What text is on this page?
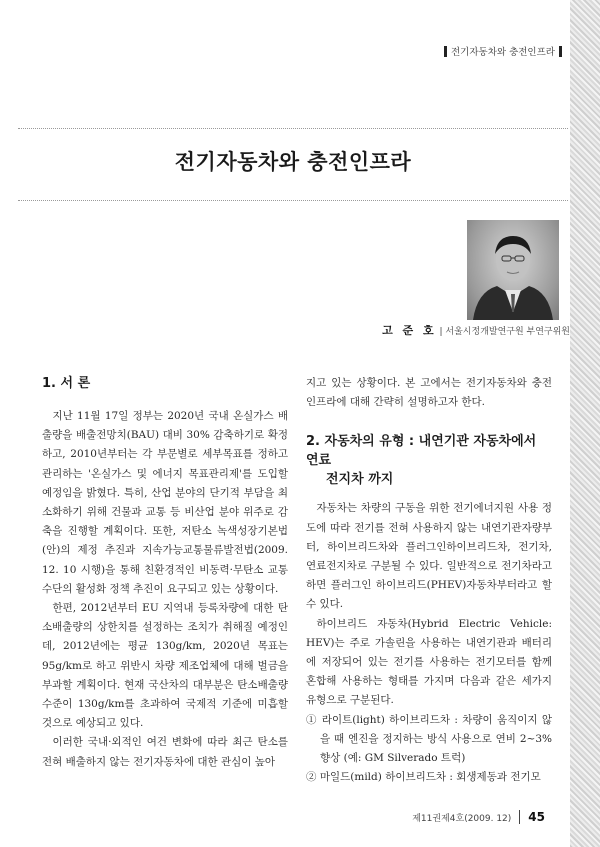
전기자동차와 충전인프라
전기자동차와 충전인프라
고 준 호 | 서울시정개발연구원 부연구위원
1. 서 론

지난 11월 17일 정부는 2020년 국내 온실가스 배출량을 배출전망치(BAU) 대비 30% 감축하기로 확정하고, 2010년부터는 각 부문별로 세부목표를 정하고 관리하는 '온실가스 및 에너지 목표관리제'를 도입할 예정임을 밝혔다. 특히, 산업 분야의 단기적 부담을 최소화하기 위해 건물과 교통 등 비산업 분야 위주로 감축을 진행할 계획이다. 또한, 저탄소 녹색성장기본법(안)의 제정 추진과 지속가능교통물류발전법(2009. 12. 10 시행)을 통해 친환경적인 비동력·무탄소 교통수단의 활성화 정책 추진이 요구되고 있는 상황이다.

한편, 2012년부터 EU 지역내 등록차량에 대한 탄소배출량의 상한치를 설정하는 조치가 취해질 예정인데, 2012년에는 평균 130g/km, 2020년 목표는 95g/km로 하고 위반시 차량 제조업체에 대해 벌금을 부과할 계획이다. 현재 국산차의 대부분은 탄소배출량 수준이 130g/km를 초과하여 국제적 기준에 미흡할 것으로 예상되고 있다.

이러한 국내·외적인 여건 변화에 따라 최근 탄소를 전혀 배출하지 않는 전기자동차에 대한 관심이 높아

지고 있는 상황이다. 본 고에서는 전기자동차와 충전인프라에 대해 간략히 설명하고자 한다.

2. 자동차의 유형 : 내연기관 자동차에서 연료
전지차 까지

자동차는 차량의 구동을 위한 전기에너지원 사용 정도에 따라 전기를 전혀 사용하지 않는 내연기관자량부터, 하이브리드차와 플러그인하이브리드차, 전기차, 연료전지차로 구분될 수 있다. 일반적으로 전기차라고 하면 플러그인 하이브리드(PHEV)자동차부터라고 할 수 있다.

하이브리드 자동차(Hybrid Electric Vehicle: HEV)는 주로 가솔린을 사용하는 내연기관과 배터리에 저장되어 있는 전기를 사용하는 전기모터를 함께 혼합해 사용하는 형태를 가지며 다음과 같은 세가지 유형으로 구분된다.

① 라이트(light) 하이브리드차 : 차량이 움직이지 않을 때 엔진을 정지하는 방식 사용으로 연비 2~3% 향상 (예: GM Silverado 트럭)

② 마일드(mild) 하이브리드차 : 회생제동과 전기모

제11권제4호(2009. 12) 45
